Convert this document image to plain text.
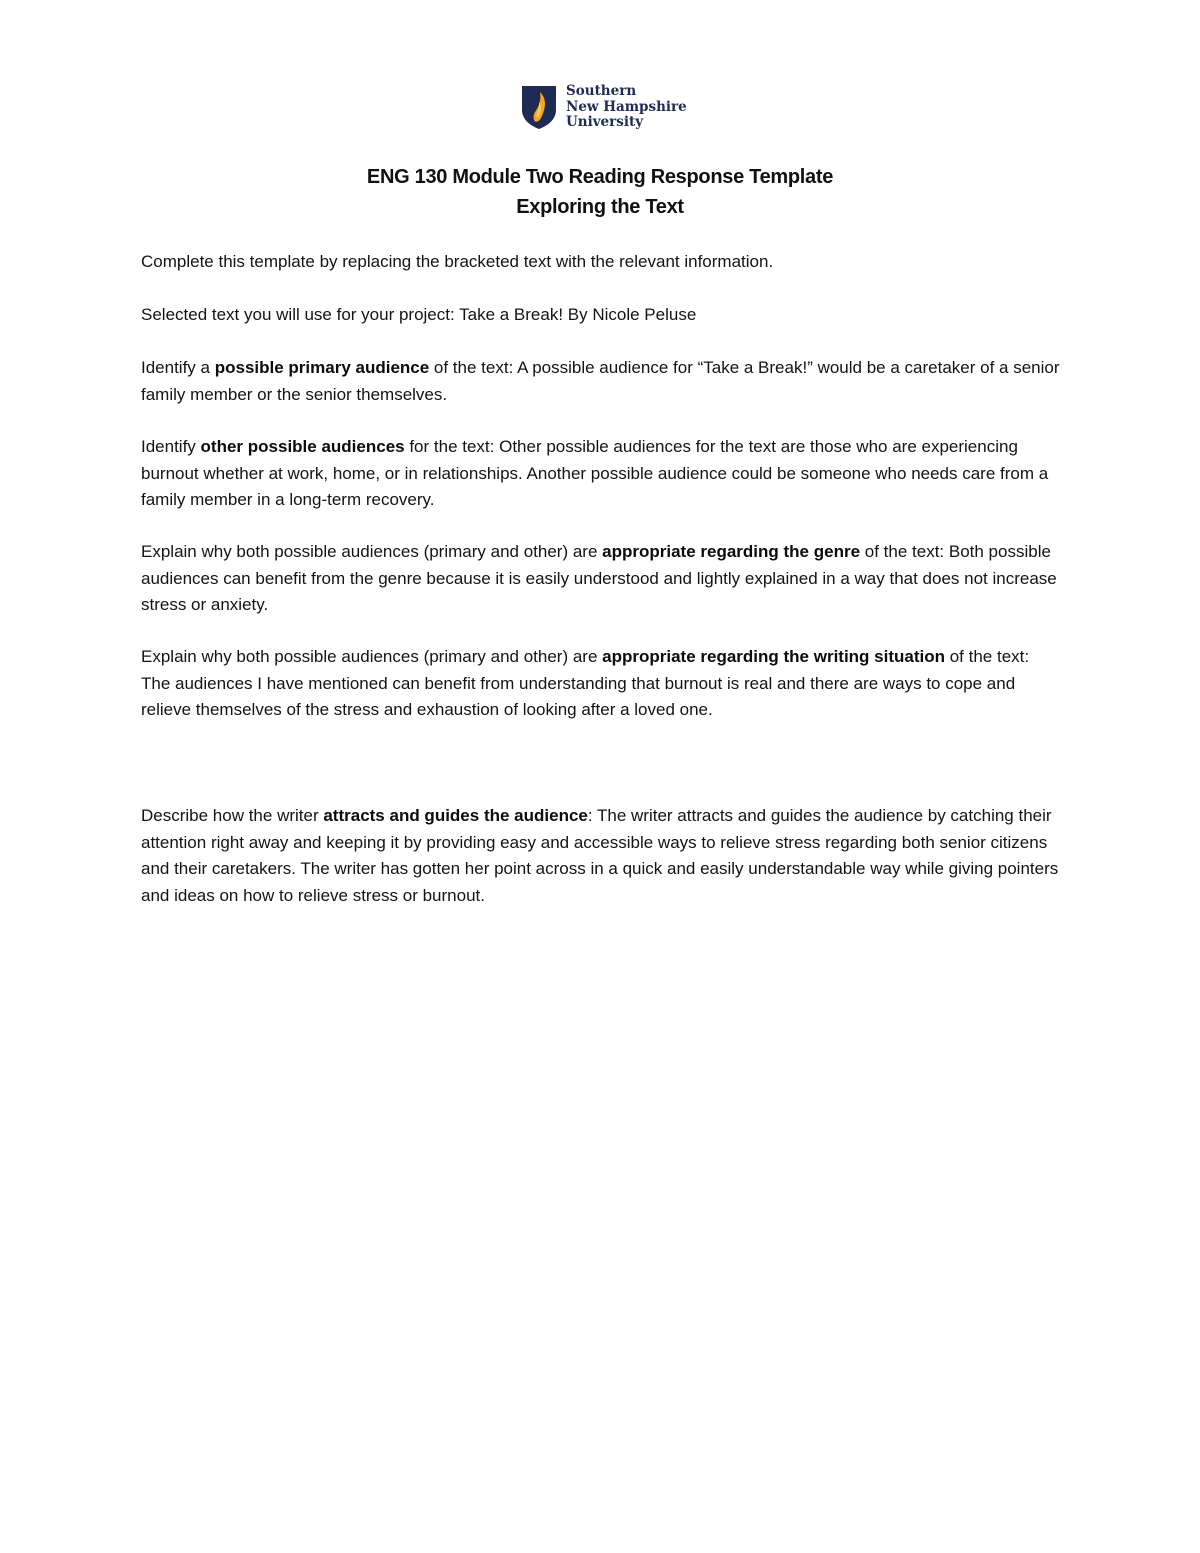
Southern
New Hampshire
University
ENG 130 Module Two Reading Response Template
Exploring the Text
Complete this template by replacing the bracketed text with the relevant information.
Selected text you will use for your project: Take a Break! By Nicole Peluse
Identify a possible primary audience of the text: A possible audience for “Take a Break!” would be a caretaker of a senior family member or the senior themselves.
Identify other possible audiences for the text: Other possible audiences for the text are those who are experiencing burnout whether at work, home, or in relationships. Another possible audience could be someone who needs care from a family member in a long-term recovery.
Explain why both possible audiences (primary and other) are appropriate regarding the genre of the text: Both possible audiences can benefit from the genre because it is easily understood and lightly explained in a way that does not increase stress or anxiety.
Explain why both possible audiences (primary and other) are appropriate regarding the writing situation of the text: The audiences I have mentioned can benefit from understanding that burnout is real and there are ways to cope and relieve themselves of the stress and exhaustion of looking after a loved one.
Describe how the writer attracts and guides the audience: The writer attracts and guides the audience by catching their attention right away and keeping it by providing easy and accessible ways to relieve stress regarding both senior citizens and their caretakers. The writer has gotten her point across in a quick and easily understandable way while giving pointers and ideas on how to relieve stress or burnout.
